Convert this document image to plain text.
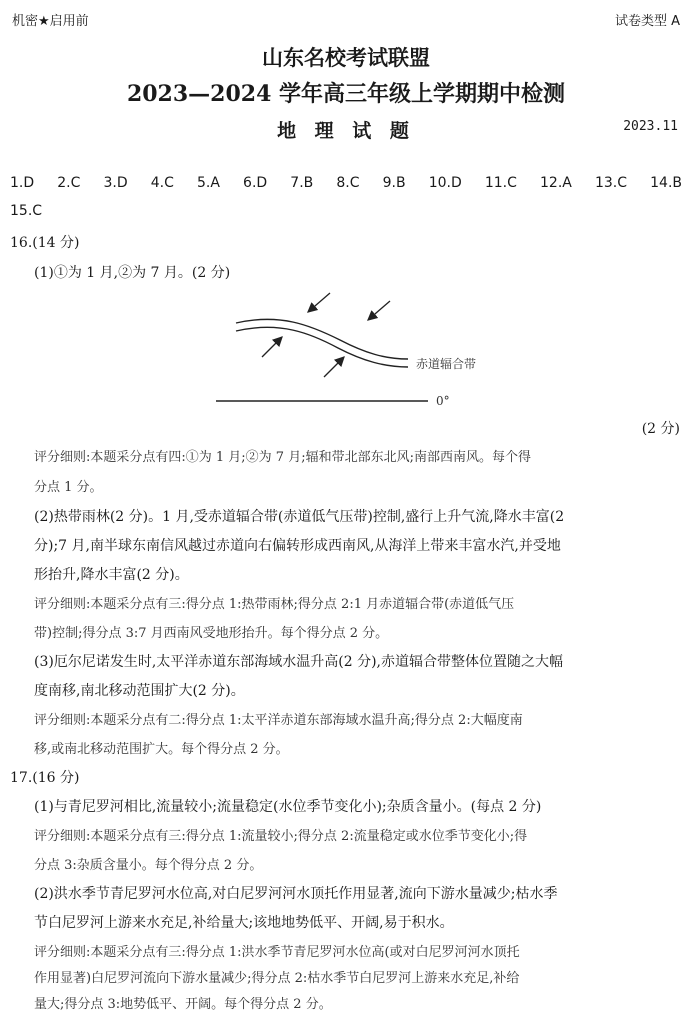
机密★启用前	试卷类型 A
山东名校考试联盟
2023—2024 学年高三年级上学期期中检测
地 理 试 题	2023.11
1.D 2.C 3.D 4.C 5.A 6.D 7.B 8.C 9.B 10.D 11.C 12.A 13.C 14.B
15.C
16.(14 分)
(1)①为 1 月,②为 7 月。(2 分)
赤道辐合带
0°
(2 分)
评分细则:本题采分点有四:①为 1 月;②为 7 月;辐和带北部东北风;南部西南风。每个得
分点 1 分。
(2)热带雨林(2 分)。1 月,受赤道辐合带(赤道低气压带)控制,盛行上升气流,降水丰富(2
分);7 月,南半球东南信风越过赤道向右偏转形成西南风,从海洋上带来丰富水汽,并受地
形抬升,降水丰富(2 分)。
评分细则:本题采分点有三:得分点 1:热带雨林;得分点 2:1 月赤道辐合带(赤道低气压
带)控制;得分点 3:7 月西南风受地形抬升。每个得分点 2 分。
(3)厄尔尼诺发生时,太平洋赤道东部海域水温升高(2 分),赤道辐合带整体位置随之大幅
度南移,南北移动范围扩大(2 分)。
评分细则:本题采分点有二:得分点 1:太平洋赤道东部海域水温升高;得分点 2:大幅度南
移,或南北移动范围扩大。每个得分点 2 分。
17.(16 分)
(1)与青尼罗河相比,流量较小;流量稳定(水位季节变化小);杂质含量小。(每点 2 分)
评分细则:本题采分点有三:得分点 1:流量较小;得分点 2:流量稳定或水位季节变化小;得
分点 3:杂质含量小。每个得分点 2 分。
(2)洪水季节青尼罗河水位高,对白尼罗河河水顶托作用显著,流向下游水量减少;枯水季
节白尼罗河上游来水充足,补给量大;该地地势低平、开阔,易于积水。
评分细则:本题采分点有三:得分点 1:洪水季节青尼罗河水位高(或对白尼罗河河水顶托
作用显著)白尼罗河流向下游水量减少;得分点 2:枯水季节白尼罗河上游来水充足,补给
量大;得分点 3:地势低平、开阔。每个得分点 2 分。
